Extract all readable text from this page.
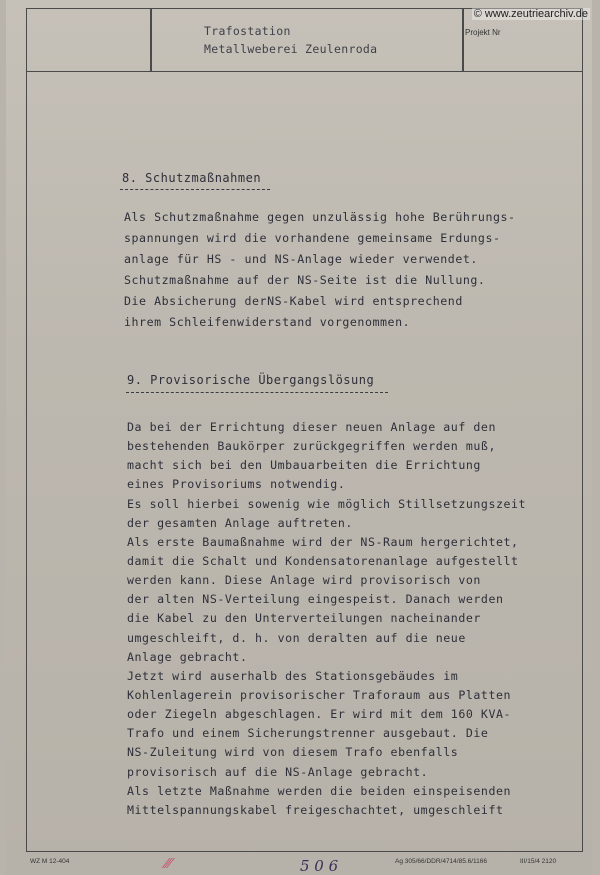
Trafostation
Metallweberei Zeulenroda
Projekt Nr
© www.zeutriearchiv.de
8. Schutzmaßnahmen
Als Schutzmaßnahme gegen unzulässig hohe Berührungs-
spannungen wird die vorhandene gemeinsame Erdungs-
anlage für HS - und NS-Anlage wieder verwendet.
Schutzmaßnahme auf der NS-Seite ist die Nullung.
Die Absicherung derNS-Kabel wird entsprechend
ihrem Schleifenwiderstand vorgenommen.
9. Provisorische Übergangslösung
Da bei der Errichtung dieser neuen Anlage auf den
bestehenden Baukörper zurückgegriffen werden muß,
macht sich bei den Umbauarbeiten die Errichtung
eines Provisoriums notwendig.
Es soll hierbei sowenig wie möglich Stillsetzungszeit
der gesamten Anlage auftreten.
Als erste Baumaßnahme wird der NS-Raum hergerichtet,
damit die Schalt und Kondensatorenanlage aufgestellt
werden kann. Diese Anlage wird provisorisch von
der alten NS-Verteilung eingespeist. Danach werden
die Kabel zu den Unterverteilungen nacheinander
umgeschleift, d. h. von deralten auf die neue
Anlage gebracht.
Jetzt wird auserhalb des Stationsgebäudes im
Kohlenlagerein provisorischer Traforaum aus Platten
oder Ziegeln abgeschlagen. Er wird mit dem 160 KVA-
Trafo und einem Sicherungstrenner ausgebaut. Die
NS-Zuleitung wird von diesem Trafo ebenfalls
provisorisch auf die NS-Anlage gebracht.
Als letzte Maßnahme werden die beiden einspeisenden
Mittelspannungskabel freigeschachtet, umgeschleift
WZ M 12-404	Ag 305/66/DDR/4714/85.6/1166	III/15/4 2120
5 0 6
⁄⁄⁄
